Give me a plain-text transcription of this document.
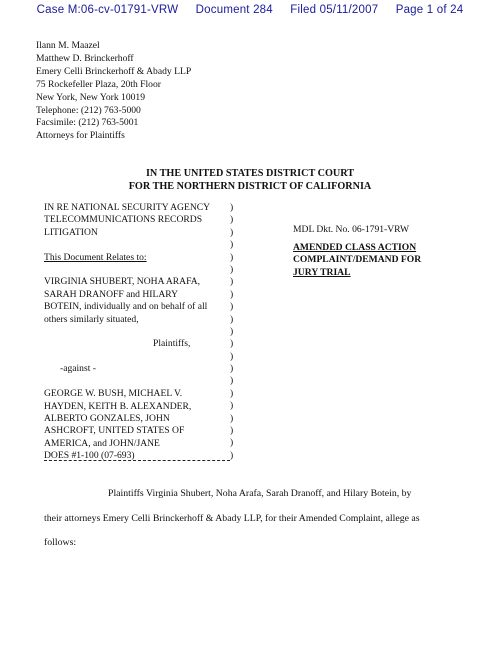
Case M:06-cv-01791-VRW Document 284 Filed 05/11/2007 Page 1 of 24
Ilann M. Maazel
Matthew D. Brinckerhoff
Emery Celli Brinckerhoff & Abady LLP
75 Rockefeller Plaza, 20th Floor
New York, New York 10019
Telephone: (212) 763-5000
Facsimile: (212) 763-5001
Attorneys for Plaintiffs
IN THE UNITED STATES DISTRICT COURT
FOR THE NORTHERN DISTRICT OF CALIFORNIA
IN RE NATIONAL SECURITY AGENCY
TELECOMMUNICATIONS RECORDS
LITIGATION

This Document Relates to:

VIRGINIA SHUBERT, NOHA ARAFA,
SARAH DRANOFF and HILARY
BOTEIN, individually and on behalf of all
others similarly situated,

Plaintiffs,

-against -

GEORGE W. BUSH, MICHAEL V.
HAYDEN, KEITH B. ALEXANDER,
ALBERTO GONZALES, JOHN
ASHCROFT, UNITED STATES OF
AMERICA, and JOHN/JANE
DOES #1-100 (07-693)
)
)
)
)
)
)
)
)
)
)
)
)
)
)
)
)
)
)
)
)
)
MDL Dkt. No. 06-1791-VRW
AMENDED CLASS ACTION
COMPLAINT/DEMAND FOR
JURY TRIAL
Plaintiffs Virginia Shubert, Noha Arafa, Sarah Dranoff, and Hilary Botein, by
their attorneys Emery Celli Brinckerhoff & Abady LLP, for their Amended Complaint, allege as
follows:
